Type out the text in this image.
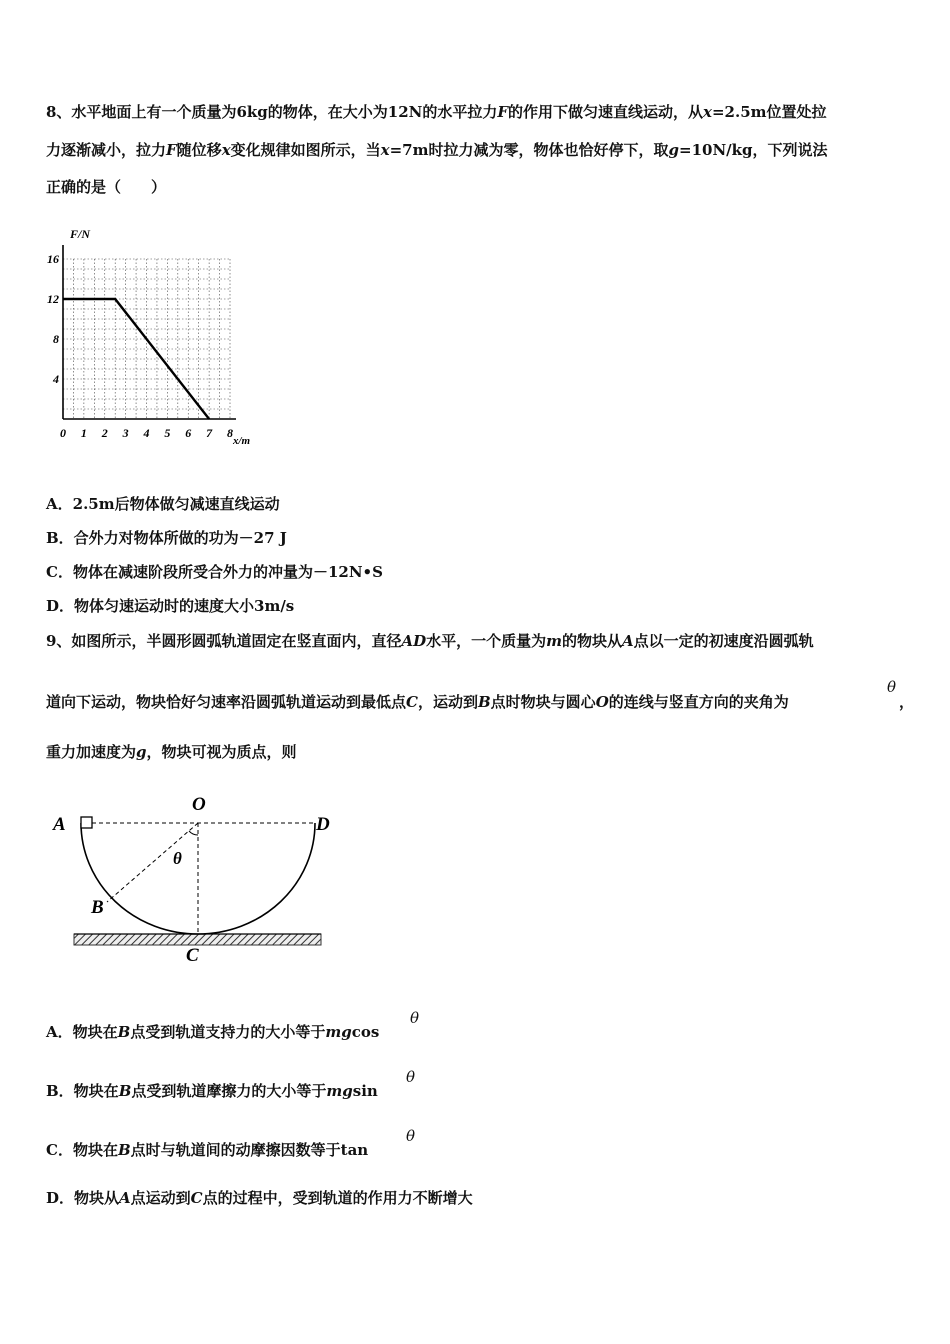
8、水平地面上有一个质量为6kg的物体，在大小为12N的水平拉力F的作用下做匀速直线运动，从x=2.5m位置处拉
力逐渐减小，拉力F随位移x变化规律如图所示，当x=7m时拉力减为零，物体也恰好停下，取g=10N/kg，下列说法
正确的是（　　）
0 1 2 3 4 5 6 7 8
4
8
12
16
F/N
x/m
A．2.5m后物体做匀减速直线运动
B．合外力对物体所做的功为－27 J
C．物体在减速阶段所受合外力的冲量为－12N•S
D．物体匀速运动时的速度大小3m/s
9、如图所示，半圆形圆弧轨道固定在竖直面内，直径AD水平，一个质量为m的物块从A点以一定的初速度沿圆弧轨
道向下运动，物块恰好匀速率沿圆弧轨道运动到最低点C，运动到B点时物块与圆心O的连线与竖直方向的夹角为
θ
，
重力加速度为g，物块可视为质点，则
A
O
D
B
C
θ
A．物块在B点受到轨道支持力的大小等于mgcos
θ
B．物块在B点受到轨道摩擦力的大小等于mgsin
θ
C．物块在B点时与轨道间的动摩擦因数等于tan
θ
D．物块从A点运动到C点的过程中，受到轨道的作用力不断增大
